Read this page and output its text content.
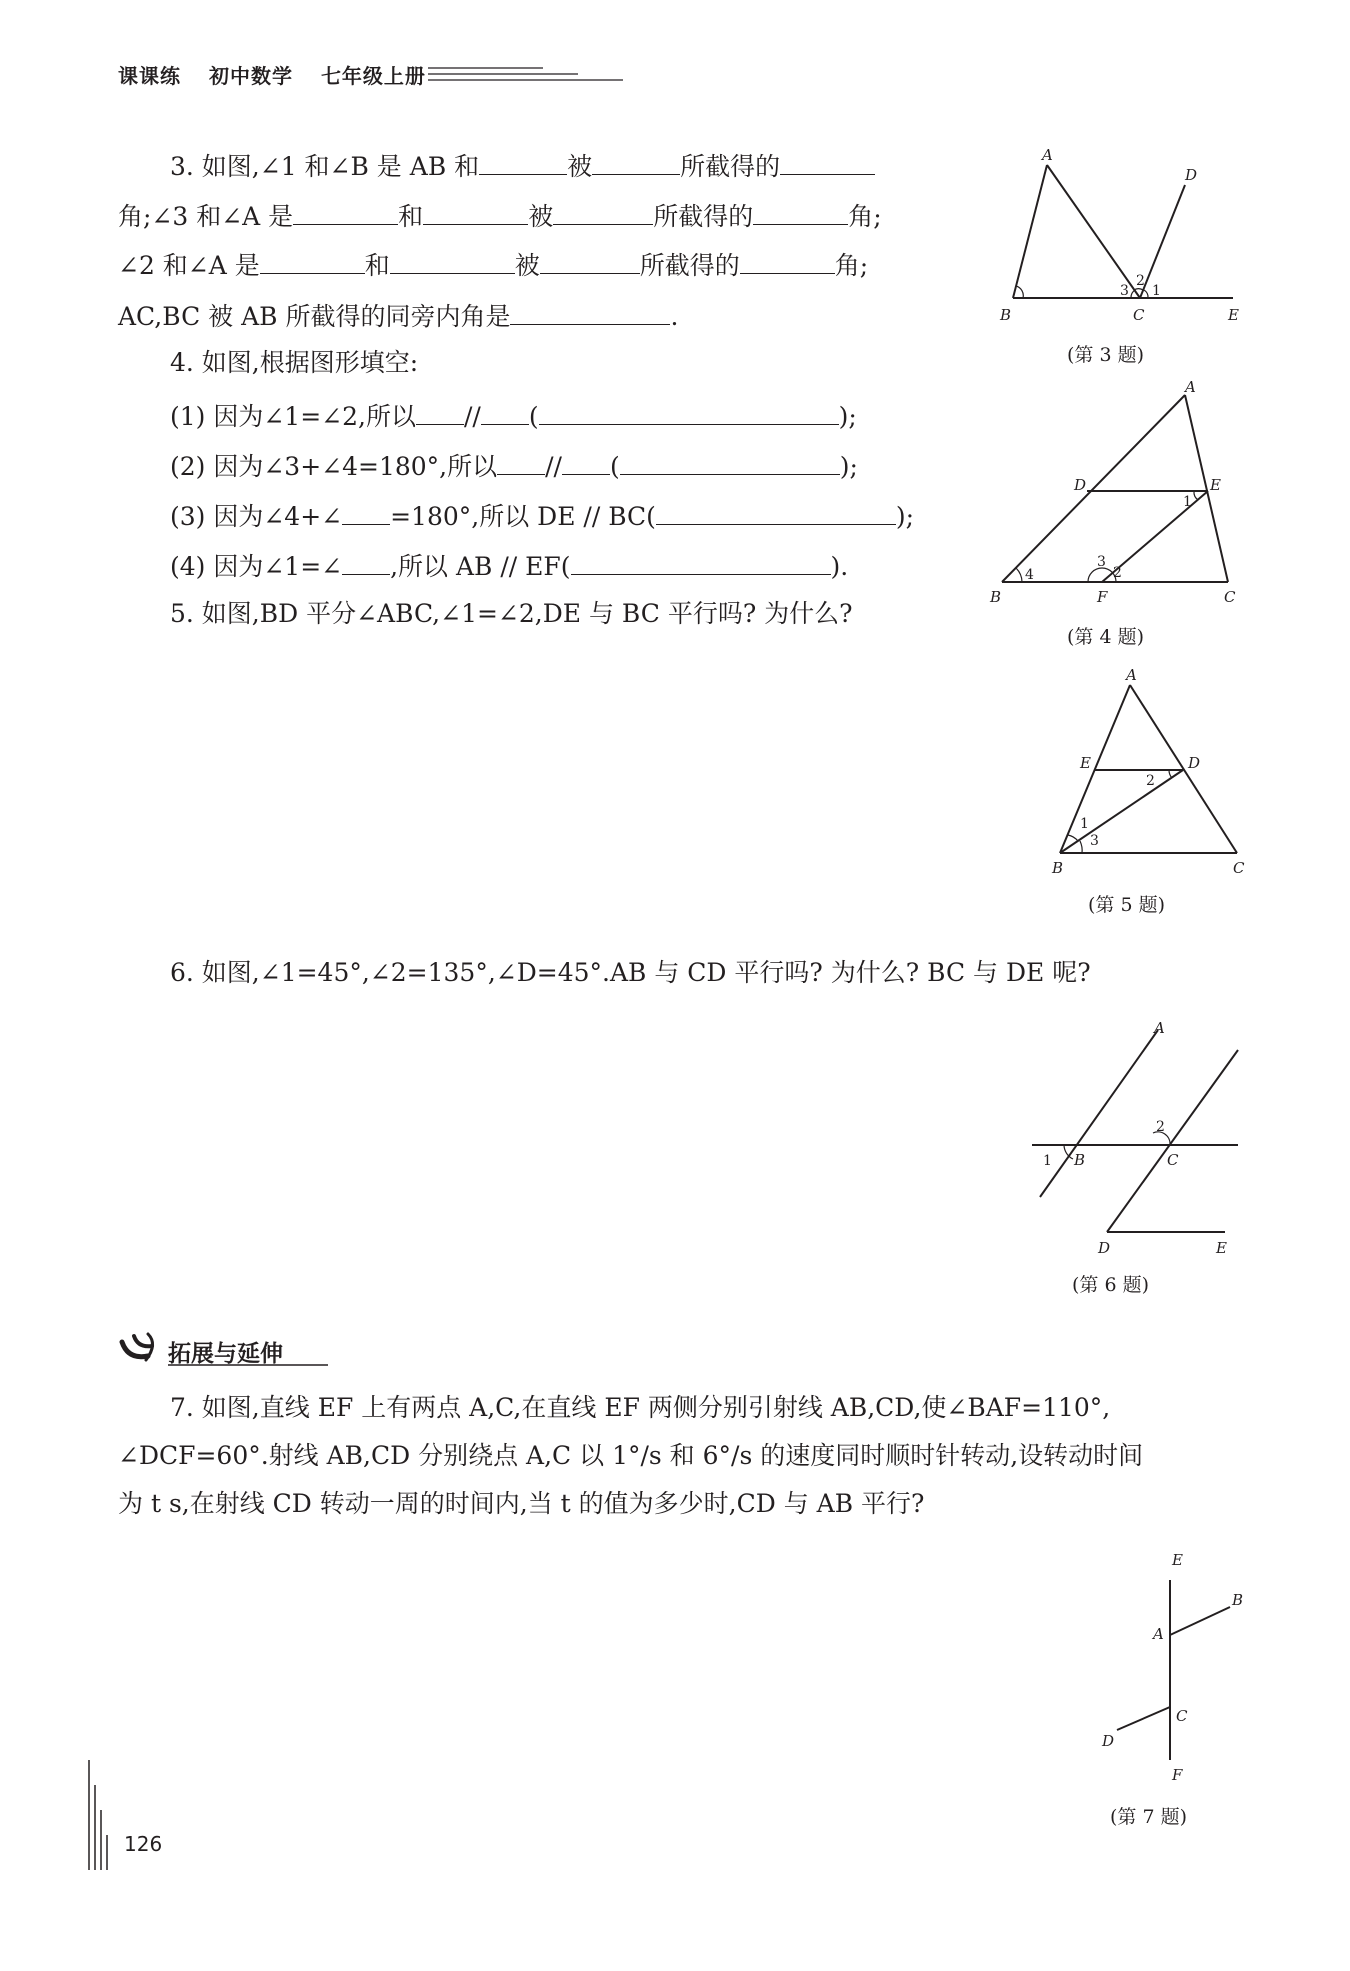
课课练 初中数学 七年级上册
3. 如图,∠1 和∠B 是 AB 和	被	所截得的
角;∠3 和∠A 是	和	被	所截得的	角;
∠2 和∠A 是	和	被	所截得的	角;
AC,BC 被 AB 所截得的同旁内角是	.
A
B	C
D
E
1
2
3
(第 3 题)
4. 如图,根据图形填空:
(1) 因为∠1=∠2,所以 // (	);
(2) 因为∠3+∠4=180°,所以 // (	);
(3) 因为∠4+∠ =180°,所以 DE // BC(	);
(4) 因为∠1=∠ ,所以 AB // EF(	).
A
B	C
D	E
F
1
2
3
4
(第 4 题)
5. 如图,BD 平分∠ABC,∠1=∠2,DE 与 BC 平行吗? 为什么?
A
B	C
D
E
1
2
3
(第 5 题)
6. 如图,∠1=45°,∠2=135°,∠D=45°.AB 与 CD 平行吗? 为什么? BC 与 DE 呢?
A
B	C
D	E
1
2
(第 6 题)
拓展与延伸
7. 如图,直线 EF 上有两点 A,C,在直线 EF 两侧分别引射线 AB,CD,使∠BAF=110°,
∠DCF=60°.射线 AB,CD 分别绕点 A,C 以 1°/s 和 6°/s 的速度同时顺时针转动,设转动时间
为 t s,在射线 CD 转动一周的时间内,当 t 的值为多少时,CD 与 AB 平行?
E
B
A
C
D
F
(第 7 题)
126
